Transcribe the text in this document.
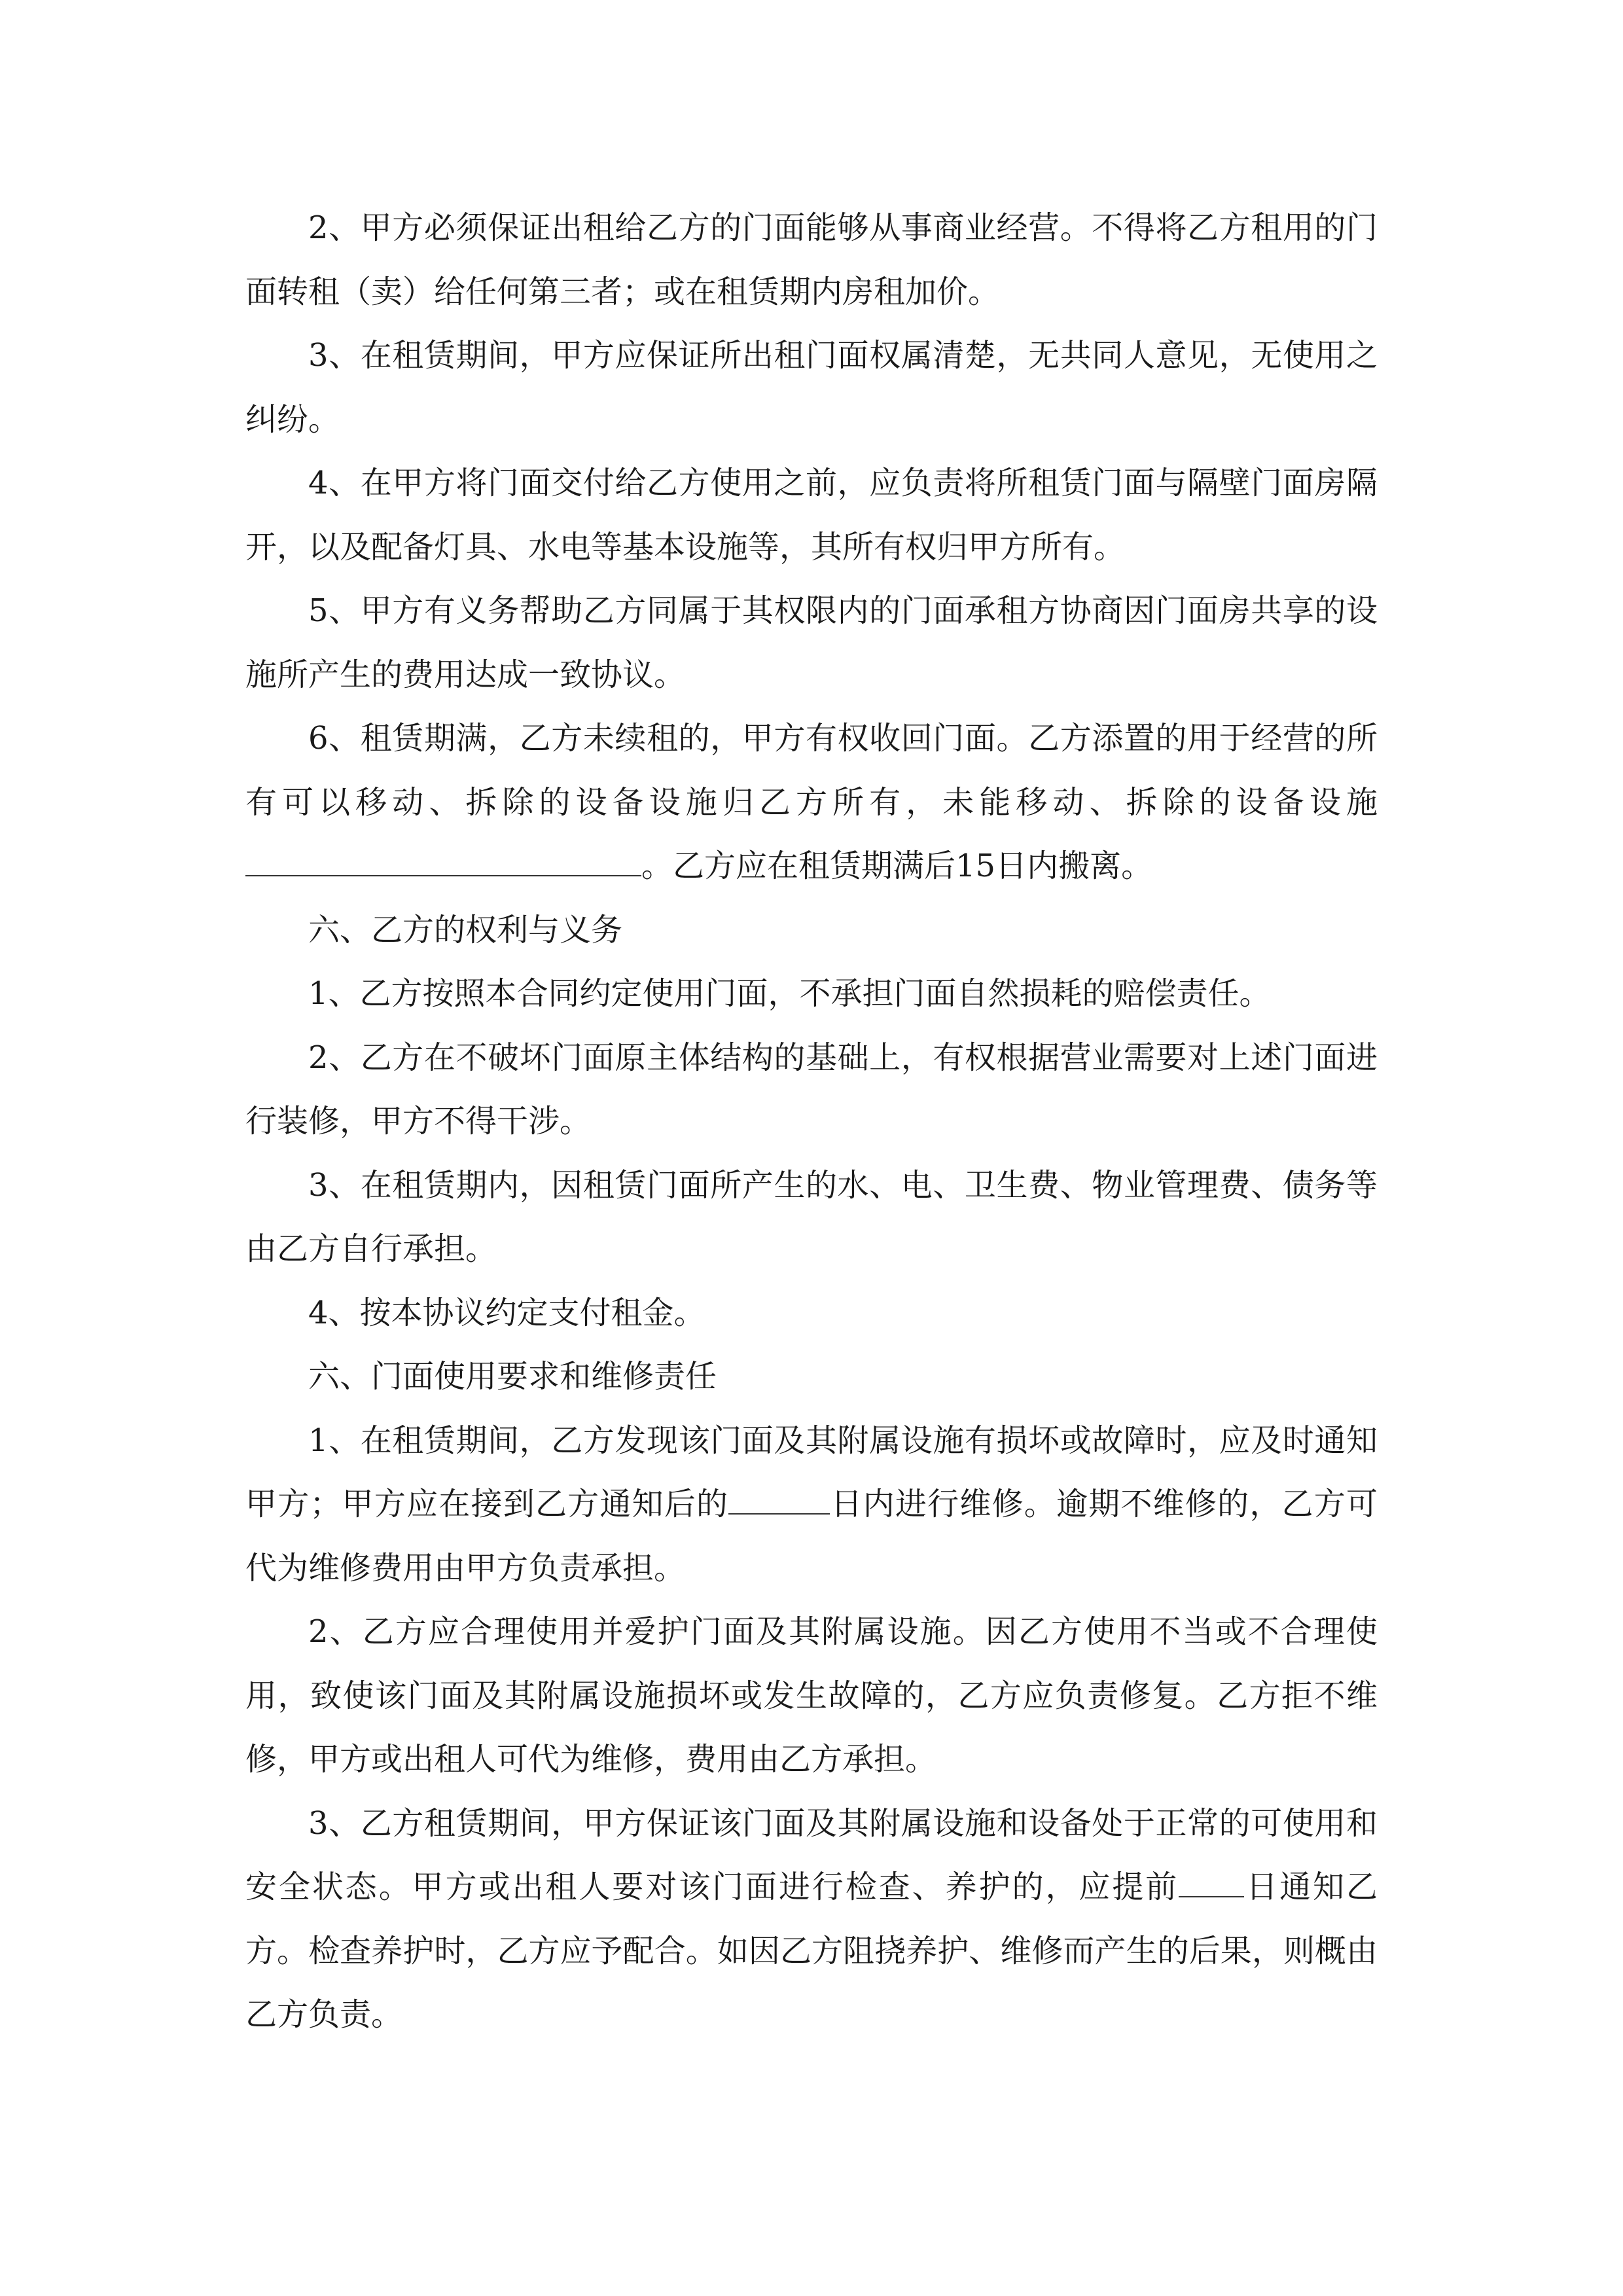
2、甲方必须保证出租给乙方的门面能够从事商业经营。不得将乙方租用的门面转租（卖）给任何第三者；或在租赁期内房租加价。

3、在租赁期间，甲方应保证所出租门面权属清楚，无共同人意见，无使用之纠纷。

4、在甲方将门面交付给乙方使用之前，应负责将所租赁门面与隔壁门面房隔开，以及配备灯具、水电等基本设施等，其所有权归甲方所有。

5、甲方有义务帮助乙方同属于其权限内的门面承租方协商因门面房共享的设施所产生的费用达成一致协议。

6、租赁期满，乙方未续租的，甲方有权收回门面。乙方添置的用于经营的所有可以移动、拆除的设备设施归乙方所有，未能移动、拆除的设备设施。乙方应在租赁期满后15日内搬离。

六、乙方的权利与义务

1、乙方按照本合同约定使用门面，不承担门面自然损耗的赔偿责任。

2、乙方在不破坏门面原主体结构的基础上，有权根据营业需要对上述门面进行装修，甲方不得干涉。

3、在租赁期内，因租赁门面所产生的水、电、卫生费、物业管理费、债务等由乙方自行承担。

4、按本协议约定支付租金。

六、门面使用要求和维修责任

1、在租赁期间，乙方发现该门面及其附属设施有损坏或故障时，应及时通知甲方；甲方应在接到乙方通知后的	日内进行维修。逾期不维修的，乙方可代为维修费用由甲方负责承担。

2、乙方应合理使用并爱护门面及其附属设施。因乙方使用不当或不合理使用，致使该门面及其附属设施损坏或发生故障的，乙方应负责修复。乙方拒不维修，甲方或出租人可代为维修，费用由乙方承担。

3、乙方租赁期间，甲方保证该门面及其附属设施和设备处于正常的可使用和安全状态。甲方或出租人要对该门面进行检查、养护的，应提前 日通知乙方。检查养护时，乙方应予配合。如因乙方阻挠养护、维修而产生的后果，则概由乙方负责。
